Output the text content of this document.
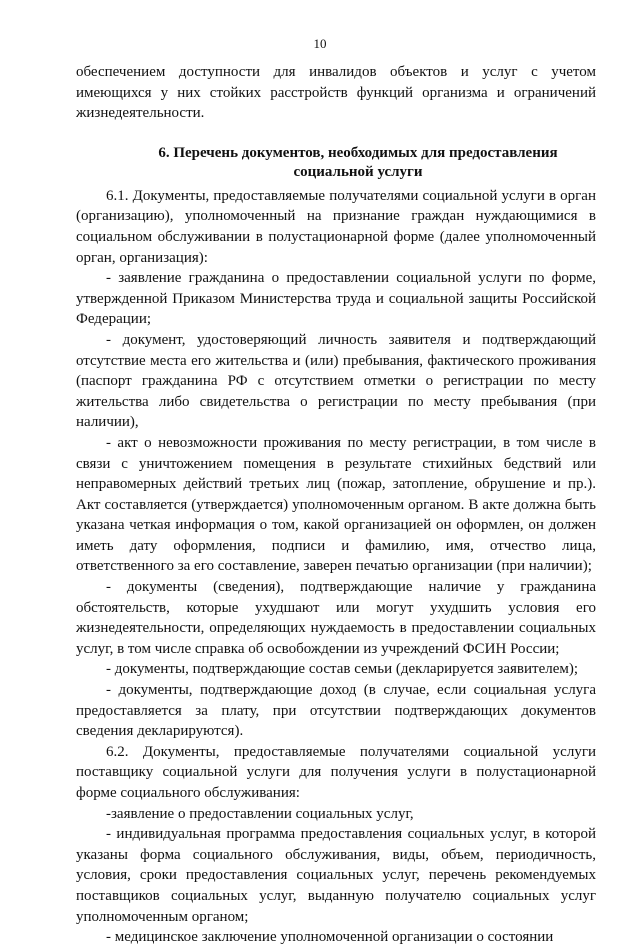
10

обеспечением доступности для инвалидов объектов и услуг с учетом имеющихся у них стойких расстройств функций организма и ограничений жизнедеятельности.

6. Перечень документов, необходимых для предоставления социальной услуги

6.1. Документы, предоставляемые получателями социальной услуги в орган (организацию), уполномоченный на признание граждан нуждающимися в социальном обслуживании в полустационарной форме (далее уполномоченный орган, организация):

- заявление гражданина о предоставлении социальной услуги по форме, утвержденной Приказом Министерства труда и социальной защиты Российской Федерации;

- документ, удостоверяющий личность заявителя и подтверждающий отсутствие места его жительства и (или) пребывания, фактического проживания (паспорт гражданина РФ с отсутствием отметки о регистрации по месту жительства либо свидетельства о регистрации по месту пребывания (при наличии),

- акт о невозможности проживания по месту регистрации, в том числе в связи с уничтожением помещения в результате стихийных бедствий или неправомерных действий третьих лиц (пожар, затопление, обрушение и пр.). Акт составляется (утверждается) уполномоченным органом. В акте должна быть указана четкая информация о том, какой организацией он оформлен, он должен иметь дату оформления, подписи и фамилию, имя, отчество лица, ответственного за его составление, заверен печатью организации (при наличии);

- документы (сведения), подтверждающие наличие у гражданина обстоятельств, которые ухудшают или могут ухудшить условия его жизнедеятельности, определяющих нуждаемость в предоставлении социальных услуг, в том числе справка об освобождении из учреждений ФСИН России;

- документы, подтверждающие состав семьи (декларируется заявителем);

- документы, подтверждающие доход (в случае, если социальная услуга предоставляется за плату, при отсутствии подтверждающих документов сведения декларируются).

6.2. Документы, предоставляемые получателями социальной услуги поставщику социальной услуги для получения услуги в полустационарной форме социального обслуживания:

-заявление о предоставлении социальных услуг,

- индивидуальная программа предоставления социальных услуг, в которой указаны форма социального обслуживания, виды, объем, периодичность, условия, сроки предоставления социальных услуг, перечень рекомендуемых поставщиков социальных услуг, выданную получателю социальных услуг уполномоченным органом;

- медицинское заключение уполномоченной организации о состоянии
